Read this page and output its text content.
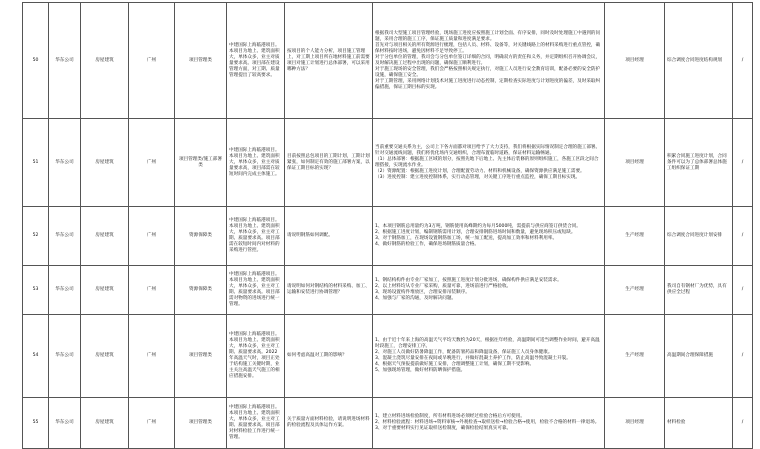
50	华东公司	房屋建筑	广州	项目管理类	中建国际上海临港项目。本项目为地上、建筑面积大，单体众多，业主对质量要求高。项目部在建设管理方面，对工期、质量管理提出了较高要求。	按项目的个人能力分析，项目施工管理上，对工期上项目所在地材料施工前需要项目对施工计划进行总体部署，可以采用哪种方法？	根据我司大型施工项目管理经验，现场施工进度应按照施工计划全面、有序安排，同时及时处理施工中遇到的问题，采用合理的施工工序，保证施工质量和进度满足要求。
首先对与项目相关的所有资源进行梳理，包括人员、材料、设备等，对关键线路上的材料采购进行重点管控，确保材料按时进场，避免因材料不足导致停工。
对于分包单位的管理，我司会与分包单位签订详细的合同，明确双方的责任和义务，并定期组织召开协调会议，及时解决施工过程中出现的问题，确保施工顺利进行。
对于施工现场的安全管理，我们会严格按照相关规定执行，对施工人员进行安全教育培训，配备必要的安全防护设施，确保施工安全。
对于工期管理，采用网络计划技术对施工进度进行动态控制，定期检查实际进度与计划进度的偏差，及时采取纠偏措施，保证工期目标的实现。	项目经理	综合调度合同进度结构规划	/
51	华东公司	房屋建筑	广州	项目管理类/施工部署类	中建国际上海临港项目。本项目为地上、建筑面积大，单体众多，业主对质量要求高，项目部需在较短时间内完成主体施工。	目前按照总包项目的工期计划，工期计划紧张，如何制定有效的施工部署方案，以保证工期目标的实现？	当前重要交通关系为主，公司上下各方面都对项目给予了大力支持，我们将根据实际情况制定合理的施工部署。
针对交通流线问题，我们将优化场内交通组织，合理布置临时道路，保证材料运输畅通。
（1）总体部署：根据施工区域的划分，按照先地下后地上、先主体后装修的原则组织施工，各施工区段之间合理搭接，实现流水作业。
（2）资源配置：根据施工进度计划，合理配置劳动力、材料和机械设备，确保资源供应满足施工需要。
（3）进度控制：建立进度控制体系，实行动态管理，对关键工序进行重点监控，确保工期目标实现。	项目经理	积累合同施工进度计划，合同条件可以为了总体部署总体施工组织保证工期	/
52	华东公司	房屋建筑	广州	资源保障类	中建国际上海临港项目。本项目为地上、建筑面积大，单体众多，业主对工期、质量要求高。项目部需在较短时间内对材料的采购进行管控。	请说明钢筋如何调配。	1、本项目钢筋总用量约为3万吨，钢筋使用高峰期约为每月5000吨，需提前与供应商签订供货合同。
2、根据施工进度计划，编制钢筋需用计划，合理安排钢筋进场时间和数量，避免现场积压或短缺。
3、对于钢筋加工，在现场设置钢筋加工场，统一加工配送，提高加工效率和材料利用率。
4、做好钢筋的检验工作，确保进场钢筋质量合格。	生产经理	综合调度合同进度计划安排	/
53	华东公司	房屋建筑	广州	资源保障类	中建国际上海临港项目。本项目为地上、建筑面积大，单体众多，业主对工期、质量要求高。项目部需对物资的进场进行统一管理。	请说明如何对钢结构的材料采购、加工、运输和安装进行协调管理？	1、钢结构构件由专业厂家加工，按照施工进度计划分批进场，确保构件供应满足安装需求。
2、以上材料均从专业厂家采购，质量可靠，进场前进行严格验收。
3、现场设置构件堆放区，合理安排吊装顺序。
4、加强与厂家的沟通，及时解决问题。	生产经理	我司自有钢材厂为优势，具有供应全过程	/
54	华东公司	房屋建筑	广州	项目管理类	中建国际上海临港项目。本项目为地上、建筑面积大，单体众多，业主对工期、质量要求高。2022年高温天气时，项目正处于结构施工关键时期，业主关注高温天气施工的相应措施安排。	如何考虑高温对工期的影响？	1、由于近十年来上海的高温天气平均天数约为20天，根据往年经验，高温期间可适当调整作业时间，避开高温时段施工，合理安排工序。
2、对施工人员做好防暑降温工作，配备防暑药品和降温设备，保证施工人员身体健康。
3、混凝土浇筑尽量安排在夜间或早晚进行，并做好混凝土养护工作，防止高温导致混凝土开裂。
4、根据天气预报提前做好施工安排，合理调整施工计划，确保工期不受影响。
5、加强现场管理，做好材料防晒保护措施。	生产经理	高温期间合理保障措施	/
55	华东公司	房屋建筑	广州	项目管理类	中建国际上海临港项目。本项目为地上、建筑面积大，单体众多，业主对工期、质量要求高。项目部对材料检验工作进行统一管理。	关于质量方面材料检验，请说明进场材料的检验流程及具体运作方案。	1、建立材料进场检验制度，所有材料进场必须经过检验合格后方可使用。
2、材料检验流程：材料进场→资料审核→外观检查→取样送检→检验合格→使用，检验不合格的材料一律退场。
3、对于重要材料实行见证取样送检制度，确保检验结果真实可靠。	项目经理	材料检验	/
